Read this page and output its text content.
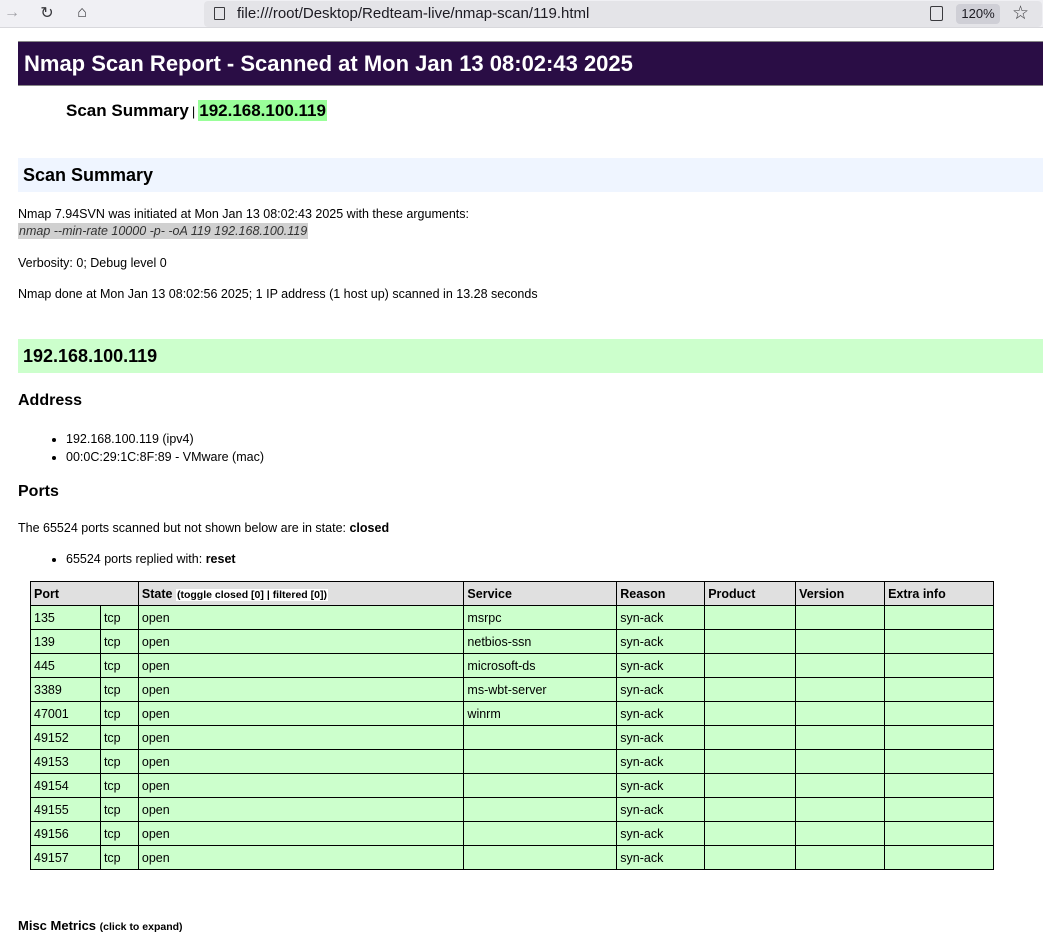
→	↻	⌂	file:///root/Desktop/Redteam-live/nmap-scan/119.html	120% ☆
Nmap Scan Report - Scanned at Mon Jan 13 08:02:43 2025
Scan Summary | 192.168.100.119
Scan Summary
Nmap 7.94SVN was initiated at Mon Jan 13 08:02:43 2025 with these arguments:
nmap --min-rate 10000 -p- -oA 119 192.168.100.119
Verbosity: 0; Debug level 0
Nmap done at Mon Jan 13 08:02:56 2025; 1 IP address (1 host up) scanned in 13.28 seconds
192.168.100.119
Address
• 192.168.100.119 (ipv4)
• 00:0C:29:1C:8F:89 - VMware (mac)
Ports
The 65524 ports scanned but not shown below are in state: closed
• 65524 ports replied with: reset
Port		State (toggle closed [0] | filtered [0])	Service	Reason	Product	Version	Extra info
135	tcp	open	msrpc	syn-ack			
139	tcp	open	netbios-ssn	syn-ack			
445	tcp	open	microsoft-ds	syn-ack			
3389	tcp	open	ms-wbt-server	syn-ack			
47001	tcp	open	winrm	syn-ack			
49152	tcp	open		syn-ack			
49153	tcp	open		syn-ack			
49154	tcp	open		syn-ack			
49155	tcp	open		syn-ack			
49156	tcp	open		syn-ack			
49157	tcp	open		syn-ack			
Misc Metrics (click to expand)
